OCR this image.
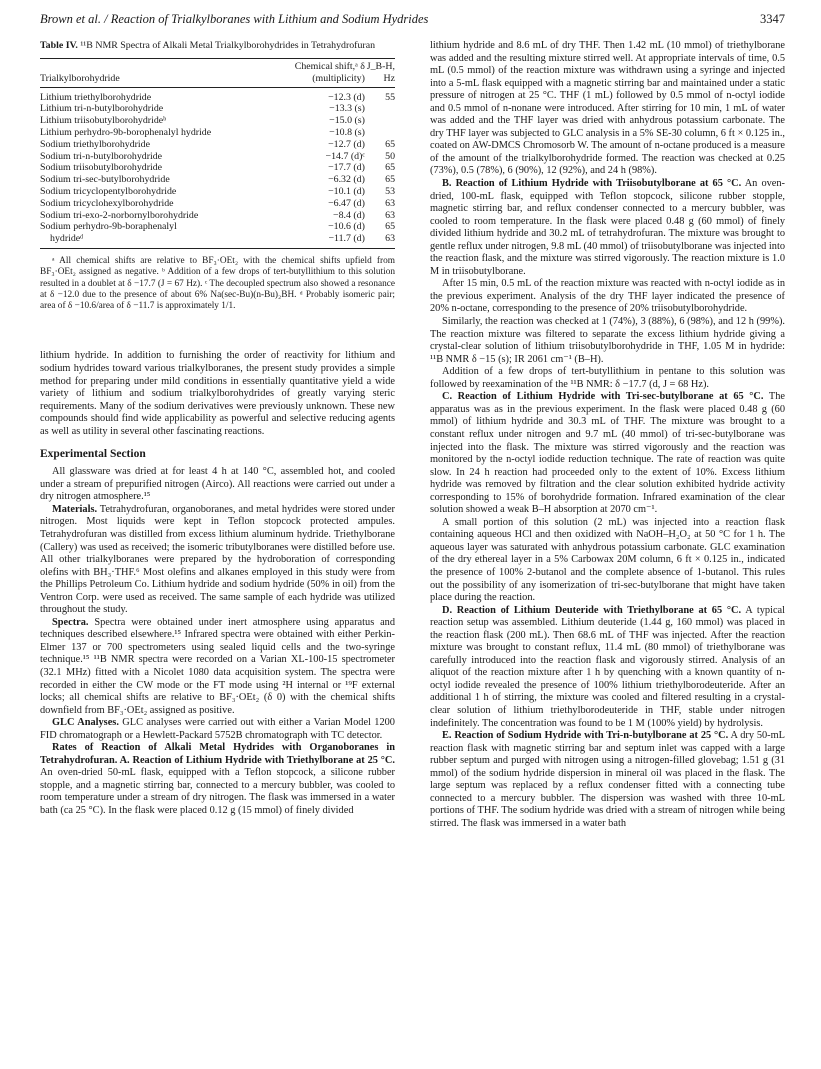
Brown et al. / Reaction of Trialkylboranes with Lithium and Sodium Hydrides	3347
Table IV. ¹¹B NMR Spectra of Alkali Metal Trialkylborohydrides in Tetrahydrofuran

Trialkylborohydride	Chemical shift,ᵃ δ (multiplicity)	J_B-H, Hz
Lithium triethylborohydride	−12.3 (d)	55
Lithium tri-n-butylborohydride	−13.3 (s)	
Lithium triisobutylborohydrideᵇ	−15.0 (s)	
Lithium perhydro-9b-borophenalyl hydride	−10.8 (s)	
Sodium triethylborohydride	−12.7 (d)	65
Sodium tri-n-butylborohydride	−14.7 (d)ᶜ	50
Sodium triisobutylborohydride	−17.7 (d)	65
Sodium tri-sec-butylborohydride	−6.32 (d)	65
Sodium tricyclopentylborohydride	−10.1 (d)	53
Sodium tricyclohexylborohydride	−6.47 (d)	63
Sodium tri-exo-2-norbornylborohydride	−8.4 (d)	63
Sodium perhydro-9b-boraphenalyl	−10.6 (d)	65
hydrideᵈ	−11.7 (d)	63
ᵃ All chemical shifts are relative to BF₃·OEt₂ with the chemical shifts upfield from BF₃·OEt₂ assigned as negative. ᵇ Addition of a few drops of tert-butyllithium to this solution resulted in a doublet at δ −17.7 (J = 67 Hz). ᶜ The decoupled spectrum also showed a resonance at δ −12.0 due to the presence of about 6% Na(sec-Bu)(n-Bu)₂BH. ᵈ Probably isomeric pair; area of δ −10.6/area of δ −11.7 is approximately 1/1.

lithium hydride. In addition to furnishing the order of reactivity for lithium and sodium hydrides toward various trialkylboranes, the present study provides a simple method for preparing under mild conditions in essentially quantitative yield a wide variety of lithium and sodium trialkylborohydrides of greatly varying steric requirements. Many of the sodium derivatives were previously unknown. These new compounds should find wide applicability as powerful and selective reducing agents as well as utility in several other fascinating reactions.

Experimental Section

All glassware was dried at for least 4 h at 140 °C, assembled hot, and cooled under a stream of prepurified nitrogen (Airco). All reactions were carried out under a dry nitrogen atmosphere.¹⁵

Materials. Tetrahydrofuran, organoboranes, and metal hydrides were stored under nitrogen. Most liquids were kept in Teflon stopcock protected ampules. Tetrahydrofuran was distilled from excess lithium aluminum hydride. Triethylborane (Callery) was used as received; the isomeric tributylboranes were distilled before use. All other trialkylboranes were prepared by the hydroboration of corresponding olefins with BH₃·THF.⁶ Most olefins and alkanes employed in this study were from the Phillips Petroleum Co. Lithium hydride and sodium hydride (50% in oil) from the Ventron Corp. were used as received. The same sample of each hydride was utilized throughout the study.

Spectra. Spectra were obtained under inert atmosphere using apparatus and techniques described elsewhere.¹⁵ Infrared spectra were obtained with either Perkin-Elmer 137 or 700 spectrometers using sealed liquid cells and the two-syringe technique.¹⁵ ¹¹B NMR spectra were recorded on a Varian XL-100-15 spectrometer (32.1 MHz) fitted with a Nicolet 1080 data acquisition system. The spectra were recorded in either the CW mode or the FT mode using ²H internal or ¹⁹F external locks; all chemical shifts are relative to BF₃·OEt₂ (δ 0) with the chemical shifts downfield from BF₃·OEt₂ assigned as positive.

GLC Analyses. GLC analyses were carried out with either a Varian Model 1200 FID chromatograph or a Hewlett-Packard 5752B chromatograph with TC detector.

Rates of Reaction of Alkali Metal Hydrides with Organoboranes in Tetrahydrofuran. A. Reaction of Lithium Hydride with Triethylborane at 25 °C. An oven-dried 50-mL flask, equipped with a Teflon stopcock, a silicone rubber stopple, and a magnetic stirring bar, connected to a mercury bubbler, was cooled to room temperature under a stream of dry nitrogen. The flask was immersed in a water bath (ca 25 °C). In the flask were placed 0.12 g (15 mmol) of finely divided

lithium hydride and 8.6 mL of dry THF. Then 1.42 mL (10 mmol) of triethylborane was added and the resulting mixture stirred well. At appropriate intervals of time, 0.5 mL (0.5 mmol) of the reaction mixture was withdrawn using a syringe and injected into a 5-mL flask equipped with a magnetic stirring bar and maintained under a static pressure of nitrogen at 25 °C. THF (1 mL) followed by 0.5 mmol of n-octyl iodide and 0.5 mmol of n-nonane were introduced. After stirring for 10 min, 1 mL of water was added and the THF layer was dried with anhydrous potassium carbonate. The dry THF layer was subjected to GLC analysis in a 5% SE-30 column, 6 ft × 0.125 in., coated on AW-DMCS Chromosorb W. The amount of n-octane produced is a measure of the amount of the trialkylborohydride formed. The reaction was checked at 0.25 (73%), 0.5 (78%), 6 (90%), 12 (92%), and 24 h (98%).

B. Reaction of Lithium Hydride with Triisobutylborane at 65 °C. An oven-dried, 100-mL flask, equipped with Teflon stopcock, silicone rubber stopple, magnetic stirring bar, and reflux condenser connected to a mercury bubbler, was cooled to room temperature. In the flask were placed 0.48 g (60 mmol) of finely divided lithium hydride and 30.2 mL of tetrahydrofuran. The mixture was brought to gentle reflux under nitrogen, 9.8 mL (40 mmol) of triisobutylborane was injected into the reaction flask, and the mixture was stirred vigorously. The reaction mixture is 1.0 M in triisobutylborane.

After 15 min, 0.5 mL of the reaction mixture was reacted with n-octyl iodide as in the previous experiment. Analysis of the dry THF layer indicated the presence of 20% n-octane, corresponding to the presence of 20% triisobutylborohydride.

Similarly, the reaction was checked at 1 (74%), 3 (88%), 6 (98%), and 12 h (99%). The reaction mixture was filtered to separate the excess lithium hydride giving a crystal-clear solution of lithium triisobutylborohydride in THF, 1.05 M in hydride: ¹¹B NMR δ −15 (s); IR 2061 cm⁻¹ (B–H).

Addition of a few drops of tert-butyllithium in pentane to this solution was followed by reexamination of the ¹¹B NMR: δ −17.7 (d, J = 68 Hz).

C. Reaction of Lithium Hydride with Tri-sec-butylborane at 65 °C. The apparatus was as in the previous experiment. In the flask were placed 0.48 g (60 mmol) of lithium hydride and 30.3 mL of THF. The mixture was brought to a constant reflux under nitrogen and 9.7 mL (40 mmol) of tri-sec-butylborane was injected into the flask. The mixture was stirred vigorously and the reaction was monitored by the n-octyl iodide reduction technique. The rate of reaction was quite slow. In 24 h reaction had proceeded only to the extent of 10%. Excess lithium hydride was removed by filtration and the clear solution exhibited hydride activity corresponding to 15% of borohydride formation. Infrared examination of the clear solution showed a weak B–H absorption at 2070 cm⁻¹.

A small portion of this solution (2 mL) was injected into a reaction flask containing aqueous HCl and then oxidized with NaOH–H₂O₂ at 50 °C for 1 h. The aqueous layer was saturated with anhydrous potassium carbonate. GLC examination of the dry ethereal layer in a 5% Carbowax 20M column, 6 ft × 0.125 in., indicated the presence of 100% 2-butanol and the complete absence of 1-butanol. This rules out the possibility of any isomerization of tri-sec-butylborane that might have taken place during the reaction.

D. Reaction of Lithium Deuteride with Triethylborane at 65 °C. A typical reaction setup was assembled. Lithium deuteride (1.44 g, 160 mmol) was placed in the reaction flask (200 mL). Then 68.6 mL of THF was injected. After the reaction mixture was brought to constant reflux, 11.4 mL (80 mmol) of triethylborane was carefully introduced into the reaction flask and vigorously stirred. Analysis of an aliquot of the reaction mixture after 1 h by quenching with a known quantity of n-octyl iodide revealed the presence of 100% lithium triethylborodeuteride. After an additional 1 h of stirring, the mixture was cooled and filtered resulting in a crystal-clear solution of lithium triethylborodeuteride in THF, stable under nitrogen indefinitely. The concentration was found to be 1 M (100% yield) by hydrolysis.

E. Reaction of Sodium Hydride with Tri-n-butylborane at 25 °C. A dry 50-mL reaction flask with magnetic stirring bar and septum inlet was capped with a large rubber septum and purged with nitrogen using a nitrogen-filled glovebag; 1.51 g (31 mmol) of the sodium hydride dispersion in mineral oil was placed in the flask. The large septum was replaced by a reflux condenser fitted with a connecting tube connected to a mercury bubbler. The dispersion was washed with three 10-mL portions of THF. The sodium hydride was dried with a stream of nitrogen while being stirred. The flask was immersed in a water bath
